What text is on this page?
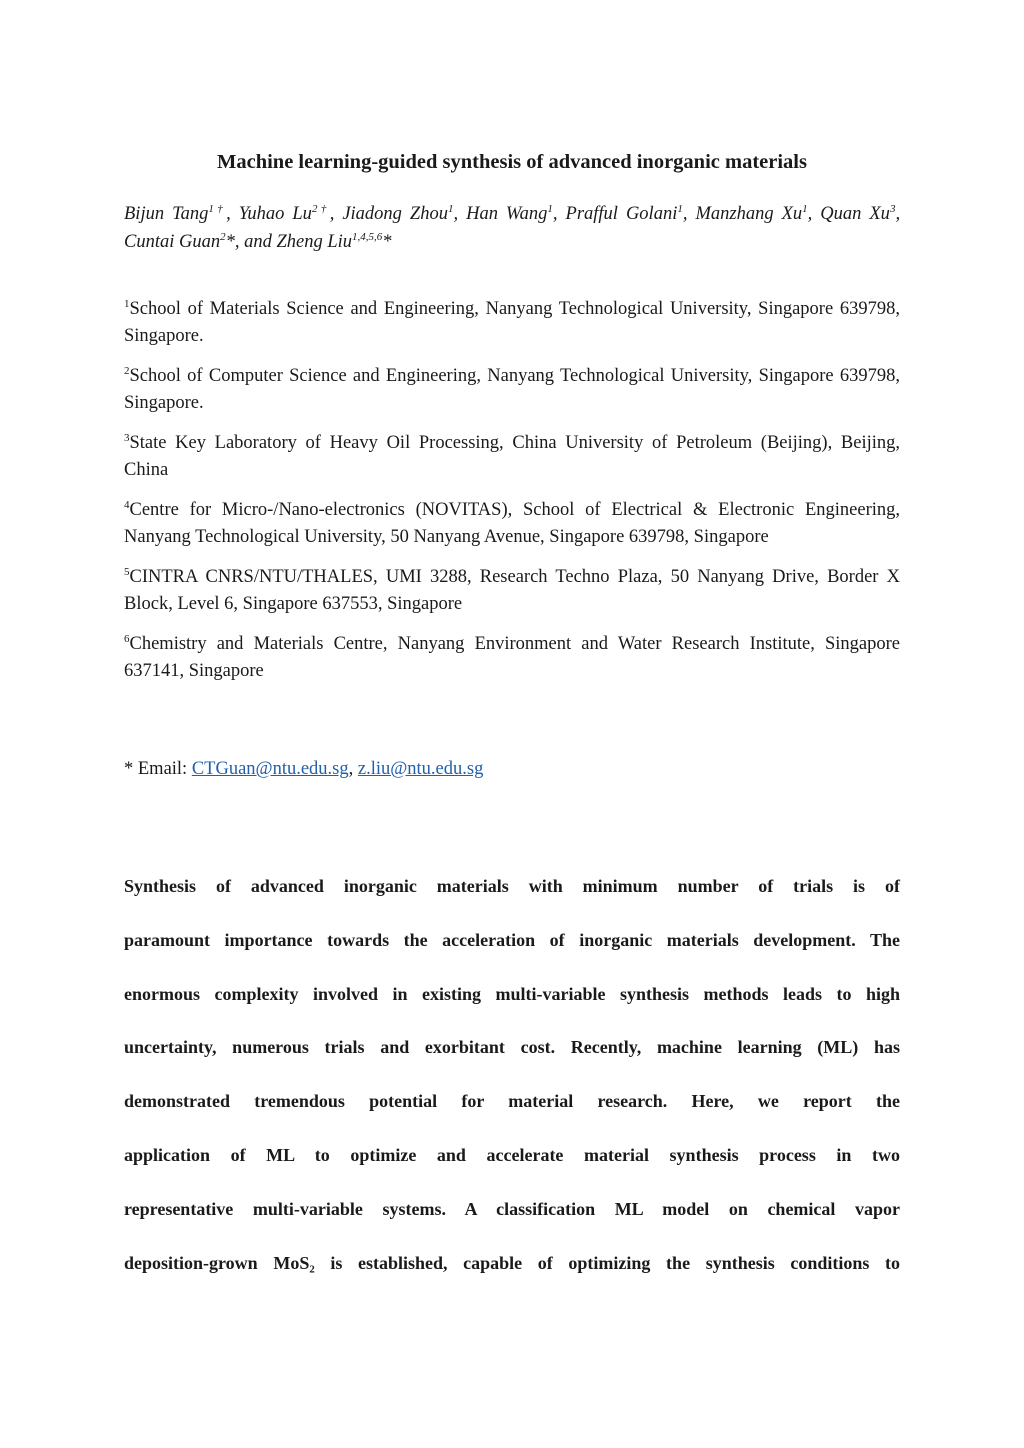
Machine learning-guided synthesis of advanced inorganic materials
Bijun Tang$^{1\dagger}$, Yuhao $Lu^{2\dagger}$, Jiadong Zhou$^1$, Han Wang$^1$, Prafful Golani$^1$, Manzhang Xu$^1$, Quan Xu$^3$, Cuntai Guan$^2$*, and Zheng Liu$^{1,4,5,6}$*

$^1$School of Materials Science and Engineering, Nanyang Technological University, Singapore 639798, Singapore.

$^2$School of Computer Science and Engineering, Nanyang Technological University, Singapore 639798, Singapore.

$^3$State Key Laboratory of Heavy Oil Processing, China University of Petroleum (Beijing), Beijing, China

$^4$Centre for Micro-/Nano-electronics (NOVITAS), School of Electrical & Electronic Engineering, Nanyang Technological University, 50 Nanyang Avenue, Singapore 639798, Singapore

$^5$CINTRA CNRS/NTU/THALES, UMI 3288, Research Techno Plaza, 50 Nanyang Drive, Border X Block, Level 6, Singapore 637553, Singapore

$^6$Chemistry and Materials Centre, Nanyang Environment and Water Research Institute, Singapore 637141, Singapore

* Email: CTGuan@ntu.edu.sg, z.liu@ntu.edu.sg
Synthesis of advanced inorganic materials with minimum number of trials is of
paramount importance towards the acceleration of inorganic materials development. The
enormous complexity involved in existing multi-variable synthesis methods leads to high
uncertainty, numerous trials and exorbitant cost. Recently, machine learning (ML) has
demonstrated tremendous potential for material research. Here, we report the
application of ML to optimize and accelerate material synthesis process in two
representative multi-variable systems. A classification ML model on chemical vapor
deposition-grown MoS₂ is established, capable of optimizing the synthesis conditions to
